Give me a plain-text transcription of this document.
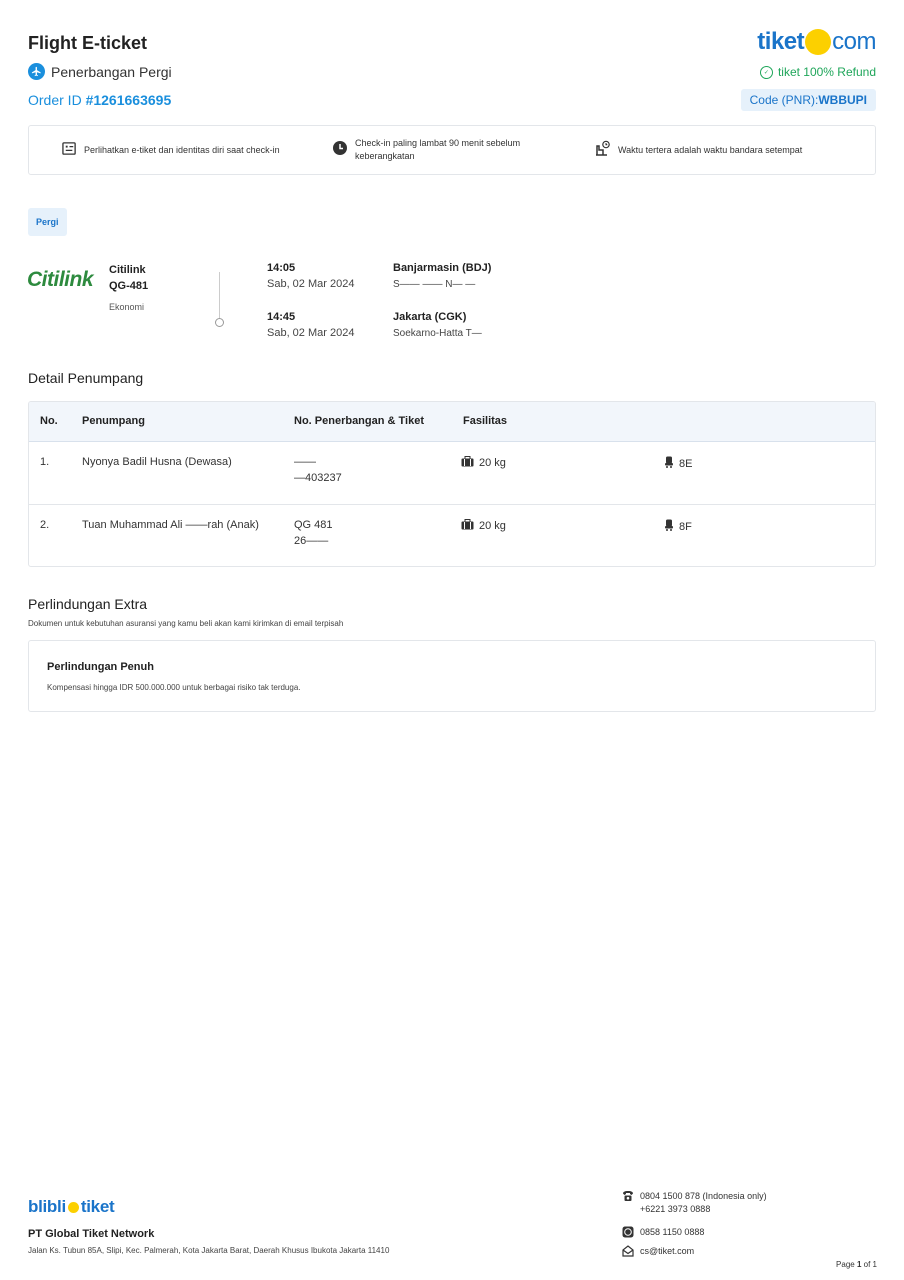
Flight E-ticket
Penerbangan Pergi
Order ID #1261663695
tiket com
✓ tiket 100% Refund
Code (PNR):WBBUPI
Perlihatkan e-tiket dan identitas diri saat check-in
Check-in paling lambat 90 menit sebelum keberangkatan
Waktu tertera adalah waktu bandara setempat
Pergi
Citilink Citilink
QG-481
Ekonomi
14:05
Sab, 02 Mar 2024
Banjarmasin (BDJ)
S—— —— N— —
14:45
Sab, 02 Mar 2024
Jakarta (CGK)
Soekarno-Hatta T—
Detail Penumpang
No. Penumpang	No. Penerbangan & Tiket	Fasilitas
1.	Nyonya Badil Husna (Dewasa)	——
—403237
20 kg	8E
2.	Tuan Muhammad Ali ——rah (Anak)	QG 481
26——
20 kg	8F
Perlindungan Extra
Dokumen untuk kebutuhan asuransi yang kamu beli akan kami kirimkan di email terpisah
Perlindungan Penuh
Kompensasi hingga IDR 500.000.000 untuk berbagai risiko tak terduga.
blibli tiket
PT Global Tiket Network
Jalan Ks. Tubun 85A, Slipi, Kec. Palmerah, Kota Jakarta Barat, Daerah Khusus Ibukota Jakarta 11410
0804 1500 878 (Indonesia only)
+6221 3973 0888
0858 1150 0888
cs@tiket.com
Page 1 of 1
